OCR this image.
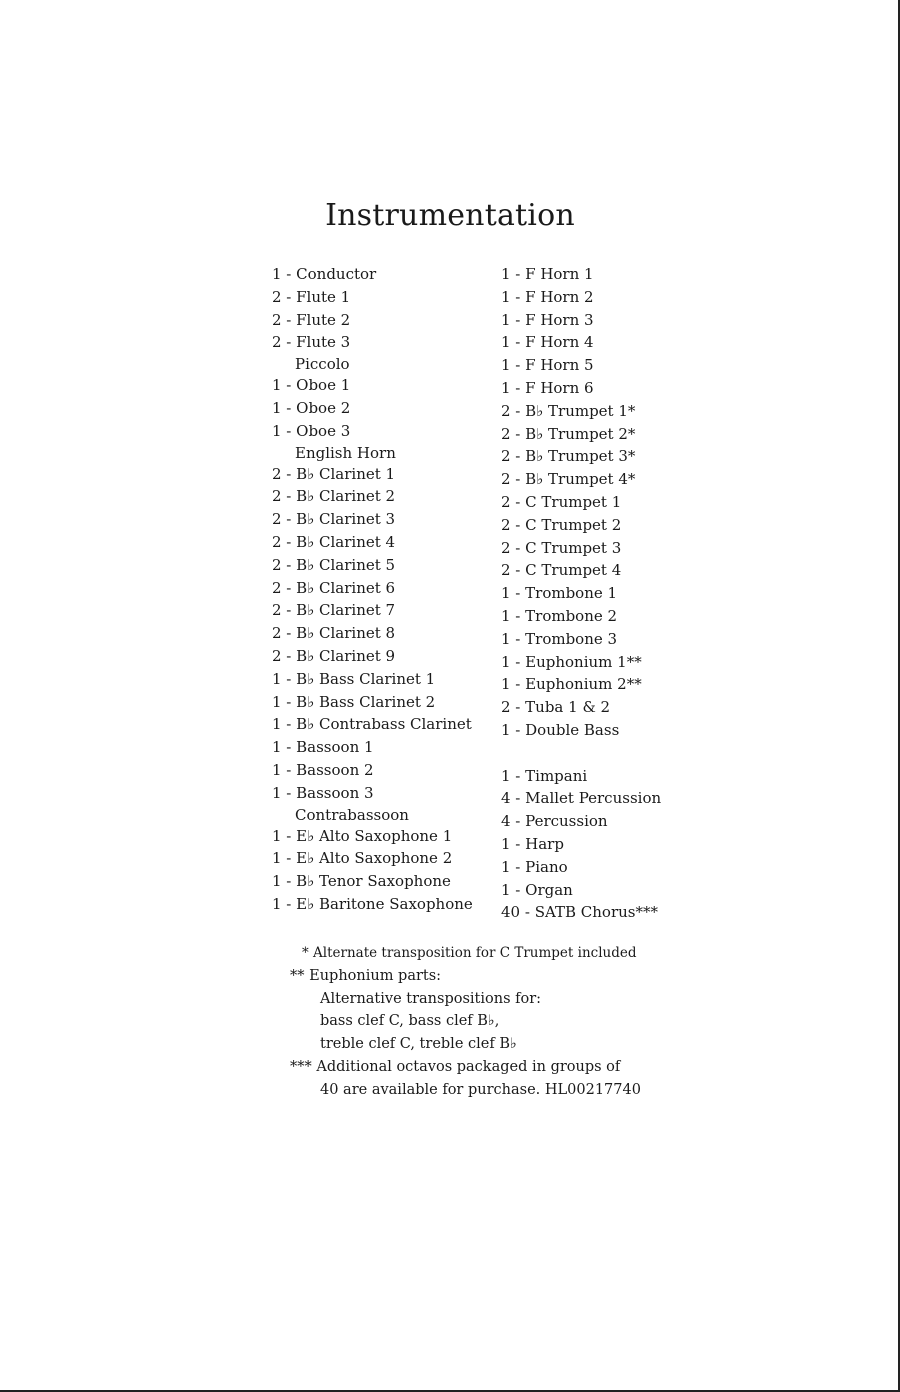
Instrumentation
1 - Conductor
2 - Flute 1
2 - Flute 2
2 - Flute 3
Piccolo
1 - Oboe 1
1 - Oboe 2
1 - Oboe 3
English Horn
2 - B♭ Clarinet 1
2 - B♭ Clarinet 2
2 - B♭ Clarinet 3
2 - B♭ Clarinet 4
2 - B♭ Clarinet 5
2 - B♭ Clarinet 6
2 - B♭ Clarinet 7
2 - B♭ Clarinet 8
2 - B♭ Clarinet 9
1 - B♭ Bass Clarinet 1
1 - B♭ Bass Clarinet 2
1 - B♭ Contrabass Clarinet
1 - Bassoon 1
1 - Bassoon 2
1 - Bassoon 3
Contrabassoon
1 - E♭ Alto Saxophone 1
1 - E♭ Alto Saxophone 2
1 - B♭ Tenor Saxophone
1 - E♭ Baritone Saxophone
1 - F Horn 1
1 - F Horn 2
1 - F Horn 3
1 - F Horn 4
1 - F Horn 5
1 - F Horn 6
2 - B♭ Trumpet 1*
2 - B♭ Trumpet 2*
2 - B♭ Trumpet 3*
2 - B♭ Trumpet 4*
2 - C Trumpet 1
2 - C Trumpet 2
2 - C Trumpet 3
2 - C Trumpet 4
1 - Trombone 1
1 - Trombone 2
1 - Trombone 3
1 - Euphonium 1**
1 - Euphonium 2**
2 - Tuba 1 & 2
1 - Double Bass
1 - Timpani
4 - Mallet Percussion
4 - Percussion
1 - Harp
1 - Piano
1 - Organ
40 - SATB Chorus***
* Alternate transposition for C Trumpet included
** Euphonium parts:
Alternative transpositions for:
bass clef C, bass clef B♭,
treble clef C, treble clef B♭
*** Additional octavos packaged in groups of
40 are available for purchase. HL00217740
